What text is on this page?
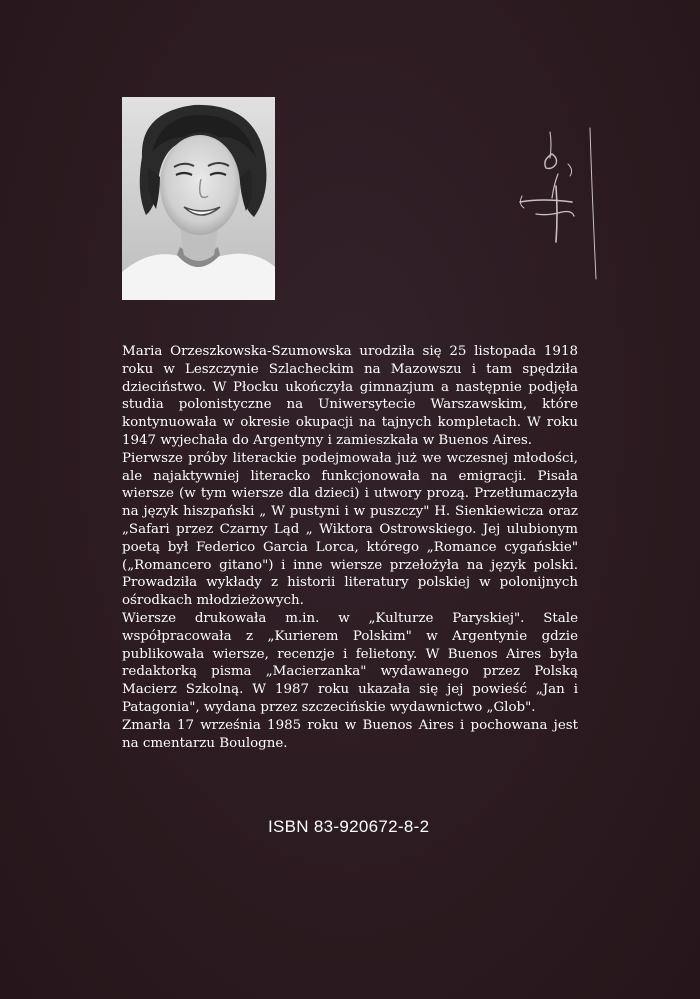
Maria Orzeszkowska-Szumowska urodziła się 25 listopada 1918 roku w Leszczynie Szlacheckim na Mazowszu i tam spędziła dzieciństwo. W Płocku ukończyła gimnazjum a następnie podjęła studia polonistyczne na Uniwersytecie Warszawskim, które kontynuowała w okresie okupacji na tajnych kompletach. W roku 1947 wyjechała do Argentyny i zamieszkała w Buenos Aires.

Pierwsze próby literackie podejmowała już we wczesnej młodości, ale najaktywniej literacko funkcjonowała na emigracji. Pisała wiersze (w tym wiersze dla dzieci) i utwory prozą. Przetłumaczyła na język hiszpański „ W pustyni i w puszczy" H. Sienkiewicza oraz „Safari przez Czarny Ląd „ Wiktora Ostrowskiego. Jej ulubionym poetą był Federico Garcia Lorca, którego „Romance cygańskie" („Romancero gitano") i inne wiersze przełożyła na język polski. Prowadziła wykłady z historii literatury polskiej w polonijnych ośrodkach młodzieżowych.

Wiersze drukowała m.in. w „Kulturze Paryskiej". Stale współpracowała z „Kurierem Polskim" w Argentynie gdzie publikowała wiersze, recenzje i felietony. W Buenos Aires była redaktorką pisma „Macierzanka" wydawanego przez Polską Macierz Szkolną. W 1987 roku ukazała się jej powieść „Jan i Patagonia", wydana przez szczecińskie wydawnictwo „Glob".

Zmarła 17 września 1985 roku w Buenos Aires i pochowana jest na cmentarzu Boulogne.

ISBN 83-920672-8-2
